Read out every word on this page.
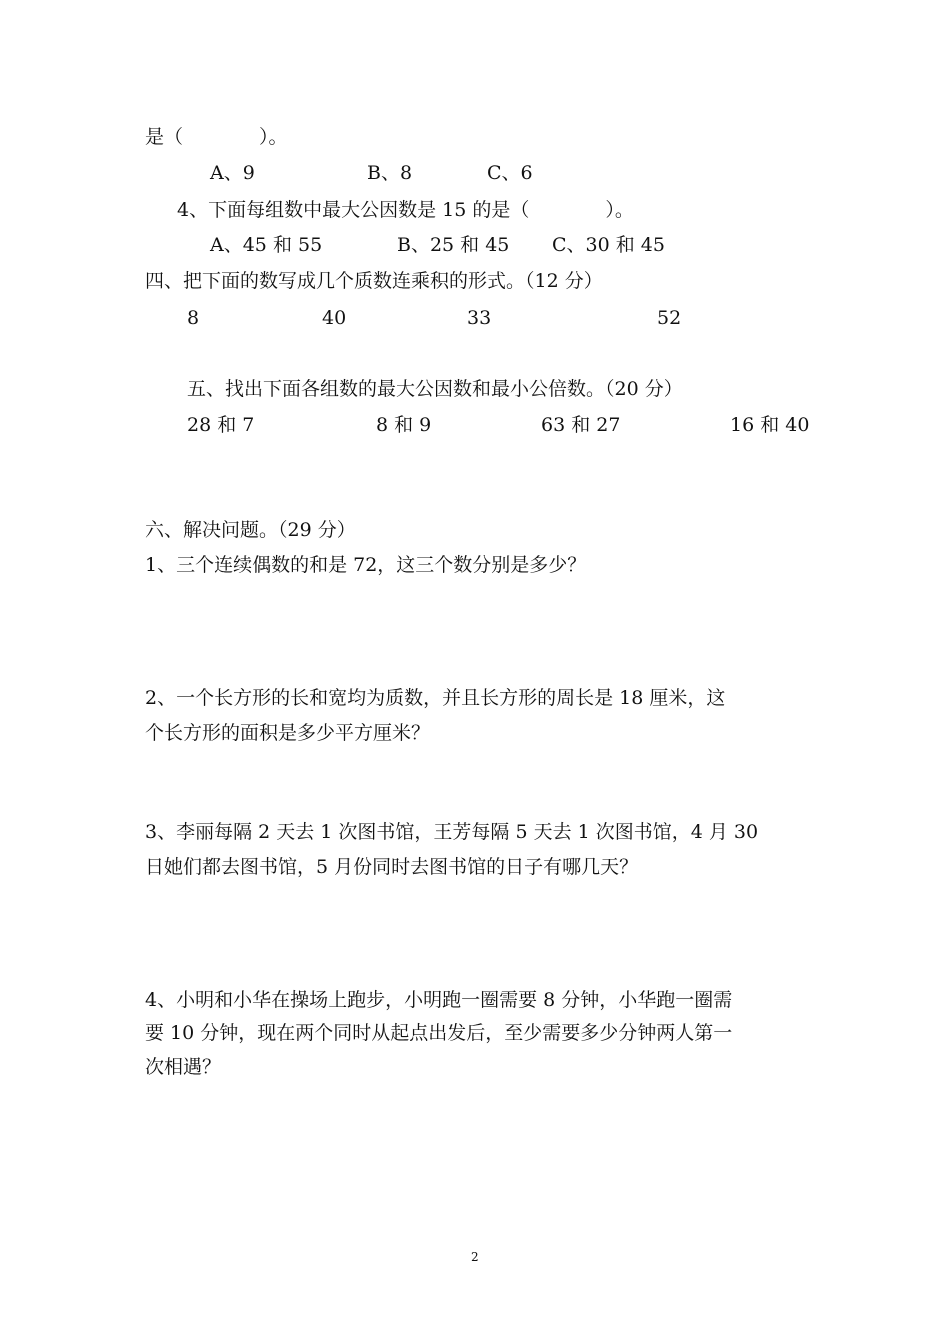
是（　　　　）。
A、9	B、8	C、6
4、下面每组数中最大公因数是 15 的是（　　　　）。
A、45 和 55	B、25 和 45 C、30 和 45
四、把下面的数写成几个质数连乘积的形式。（12 分）
8	40	33	52
五、找出下面各组数的最大公因数和最小公倍数。（20 分）
28 和 7	8 和 9	63 和 27	16 和 40
六、解决问题。（29 分）
1、三个连续偶数的和是 72，这三个数分别是多少？
2、一个长方形的长和宽均为质数，并且长方形的周长是 18 厘米，这
个长方形的面积是多少平方厘米？
3、李丽每隔 2 天去 1 次图书馆，王芳每隔 5 天去 1 次图书馆，4 月 30
日她们都去图书馆，5 月份同时去图书馆的日子有哪几天？
4、小明和小华在操场上跑步，小明跑一圈需要 8 分钟，小华跑一圈需
要 10 分钟，现在两个同时从起点出发后，至少需要多少分钟两人第一
次相遇？
2
